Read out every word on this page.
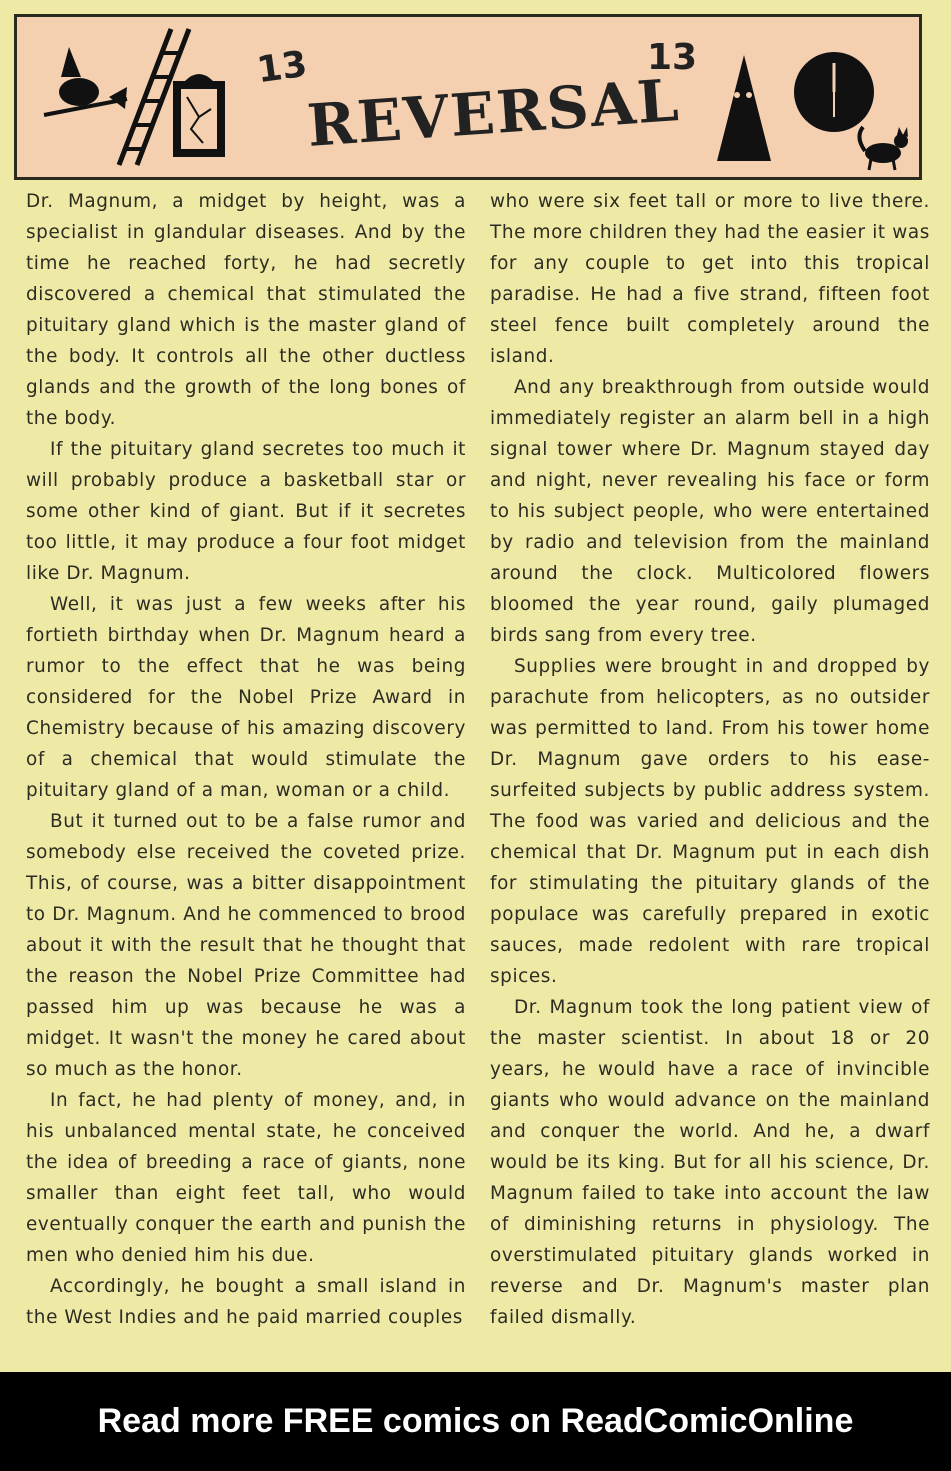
13	13
REVERSAL

Dr. Magnum, a midget by height, was a specialist in glandular diseases. And by the time he reached forty, he had secretly discovered a chemical that stimulated the pituitary gland which is the master gland of the body. It controls all the other ductless glands and the growth of the long bones of the body.

If the pituitary gland secretes too much it will probably produce a basketball star or some other kind of giant. But if it secretes too little, it may produce a four foot midget like Dr. Magnum.

Well, it was just a few weeks after his fortieth birthday when Dr. Magnum heard a rumor to the effect that he was being considered for the Nobel Prize Award in Chemistry because of his amazing discovery of a chemical that would stimulate the pituitary gland of a man, woman or a child.

But it turned out to be a false rumor and somebody else received the coveted prize. This, of course, was a bitter disappointment to Dr. Magnum. And he commenced to brood about it with the result that he thought that the reason the Nobel Prize Committee had passed him up was because he was a midget. It wasn't the money he cared about so much as the honor.

In fact, he had plenty of money, and, in his unbalanced mental state, he conceived the idea of breeding a race of giants, none smaller than eight feet tall, who would eventually conquer the earth and punish the men who denied him his due.

Accordingly, he bought a small island in the West Indies and he paid married couples

who were six feet tall or more to live there. The more children they had the easier it was for any couple to get into this tropical paradise. He had a five strand, fifteen foot steel fence built completely around the island.

And any breakthrough from outside would immediately register an alarm bell in a high signal tower where Dr. Magnum stayed day and night, never revealing his face or form to his subject people, who were entertained by radio and television from the mainland around the clock. Multicolored flowers bloomed the year round, gaily plumaged birds sang from every tree.

Supplies were brought in and dropped by parachute from helicopters, as no outsider was permitted to land. From his tower home Dr. Magnum gave orders to his ease-surfeited subjects by public address system. The food was varied and delicious and the chemical that Dr. Magnum put in each dish for stimulating the pituitary glands of the populace was carefully prepared in exotic sauces, made redolent with rare tropical spices.

Dr. Magnum took the long patient view of the master scientist. In about 18 or 20 years, he would have a race of invincible giants who would advance on the mainland and conquer the world. And he, a dwarf would be its king. But for all his science, Dr. Magnum failed to take into account the law of diminishing returns in physiology. The overstimulated pituitary glands worked in reverse and Dr. Magnum's master plan failed dismally.

Read more FREE comics on ReadComicOnline
